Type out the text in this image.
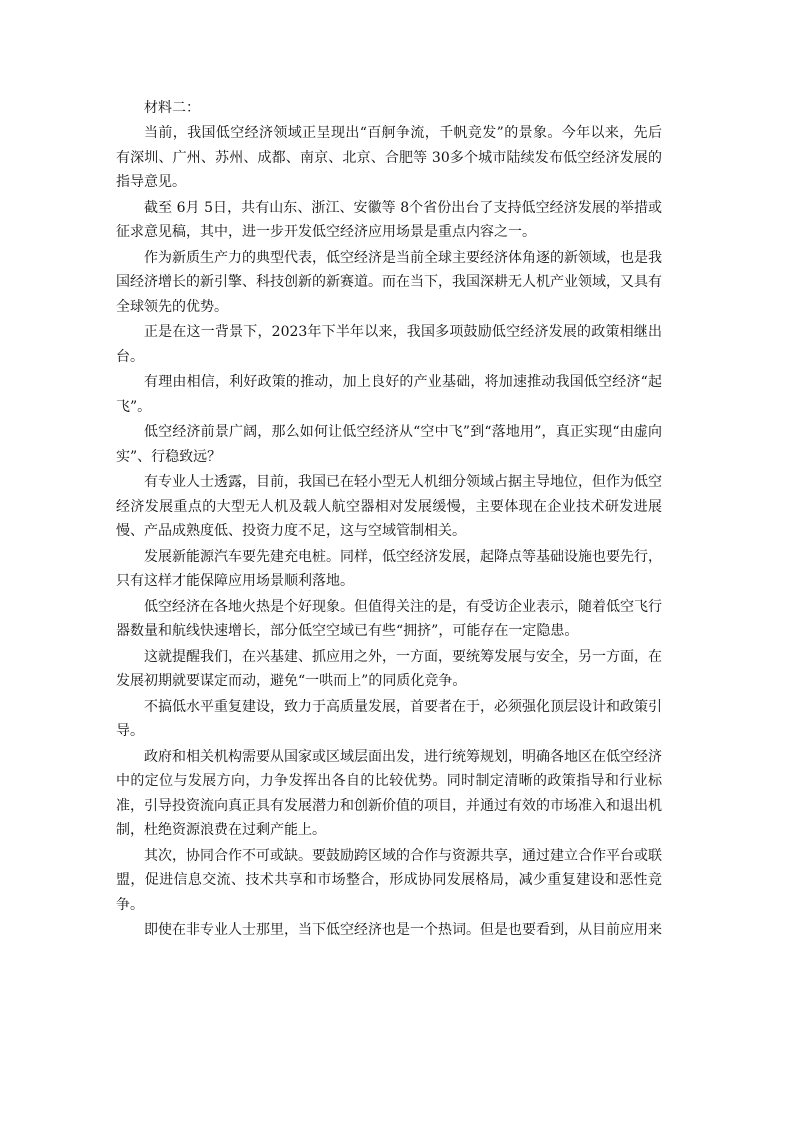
材料二：

当前，我国低空经济领域正呈现出“百舸争流，千帆竞发”的景象。今年以来，先后有深圳、广州、苏州、成都、南京、北京、合肥等 30多个城市陆续发布低空经济发展的指导意见。

截至 6月 5日，共有山东、浙江、安徽等 8个省份出台了支持低空经济发展的举措或征求意见稿，其中，进一步开发低空经济应用场景是重点内容之一。

作为新质生产力的典型代表，低空经济是当前全球主要经济体角逐的新领域，也是我国经济增长的新引擎、科技创新的新赛道。而在当下，我国深耕无人机产业领域，又具有全球领先的优势。

正是在这一背景下，2023年下半年以来，我国多项鼓励低空经济发展的政策相继出台。

有理由相信，利好政策的推动，加上良好的产业基础，将加速推动我国低空经济“起飞”。

低空经济前景广阔，那么如何让低空经济从“空中飞”到“落地用”，真正实现“由虚向实”、行稳致远？

有专业人士透露，目前，我国已在轻小型无人机细分领域占据主导地位，但作为低空经济发展重点的大型无人机及载人航空器相对发展缓慢，主要体现在企业技术研发进展慢、产品成熟度低、投资力度不足，这与空域管制相关。

发展新能源汽车要先建充电桩。同样，低空经济发展，起降点等基础设施也要先行，只有这样才能保障应用场景顺利落地。

低空经济在各地火热是个好现象。但值得关注的是，有受访企业表示，随着低空飞行器数量和航线快速增长，部分低空空域已有些“拥挤”，可能存在一定隐患。

这就提醒我们，在兴基建、抓应用之外，一方面，要统筹发展与安全，另一方面，在发展初期就要谋定而动，避免“一哄而上”的同质化竞争。

不搞低水平重复建设，致力于高质量发展，首要者在于，必须强化顶层设计和政策引导。

政府和相关机构需要从国家或区域层面出发，进行统筹规划，明确各地区在低空经济中的定位与发展方向，力争发挥出各自的比较优势。同时制定清晰的政策指导和行业标准，引导投资流向真正具有发展潜力和创新价值的项目，并通过有效的市场准入和退出机制，杜绝资源浪费在过剩产能上。

其次，协同合作不可或缺。要鼓励跨区域的合作与资源共享，通过建立合作平台或联盟，促进信息交流、技术共享和市场整合，形成协同发展格局，减少重复建设和恶性竞争。

即使在非专业人士那里，当下低空经济也是一个热词。但是也要看到，从目前应用来
